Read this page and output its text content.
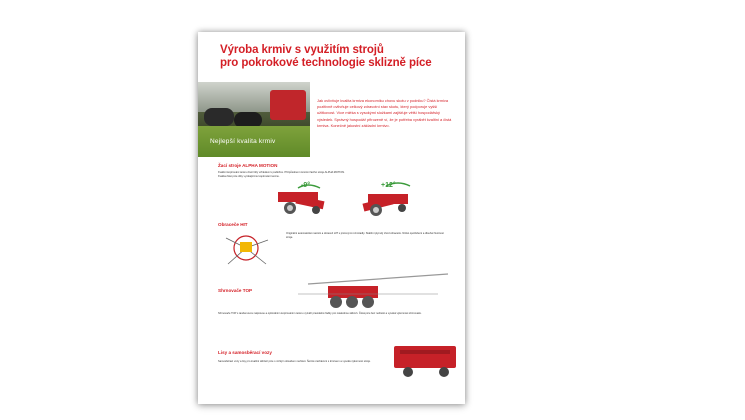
Výroba krmiv s využitím strojů
pro pokrokové technologie sklizně píce
Nejlepší kvalita krmiv
Jak ovlivňuje kvalita krmiva ekonomiku chovu skotu v podniku? Čistá krmiva pozitivně ovlivňuje celkový zdravotní stav skotu, který podporuje vyšší užitkovost. Více mléka s vysokými složkami zajišťuje větší hospodářský výsledek. Správný hospodář přirozeně ví, že je potřeba vyrábět kvalitní a čistá krmiva. Konečně jakostní základní krmivo.
Žací stroje ALPHA MOTION
Kvalitní kopírování terénu žací lišty vzhledem k podložce. Přizpůsobení zemině žacího stroje ALPHA MOTION. Kvalita čisté píce díky vynikajícímu kopírování terénu.
-9°	+12°
Obraceče HIT
Originální automatické mazání a obraceč HIT s prstovými rozmítadly. Stabilní plynulý chod obraceče. Nízké opotřebení a dlouhá životnost stroje.
Shrnovače TOP
Shrnovače TOP s tandemovou nápravou a optimálním kopírováním terénu vytváří pravidelné řádky pro následnou sklizeň. Čistá píce bez nečistot a vysoká výkonnost shrnovače.
Lisy a samosběrací vozy
Samosběrací vozy a lisy pro kvalitní sklizeň píce s nízkým obsahem nečistot. Šetrné zacházení s krmivem a vysoká výkonnost stroje.
